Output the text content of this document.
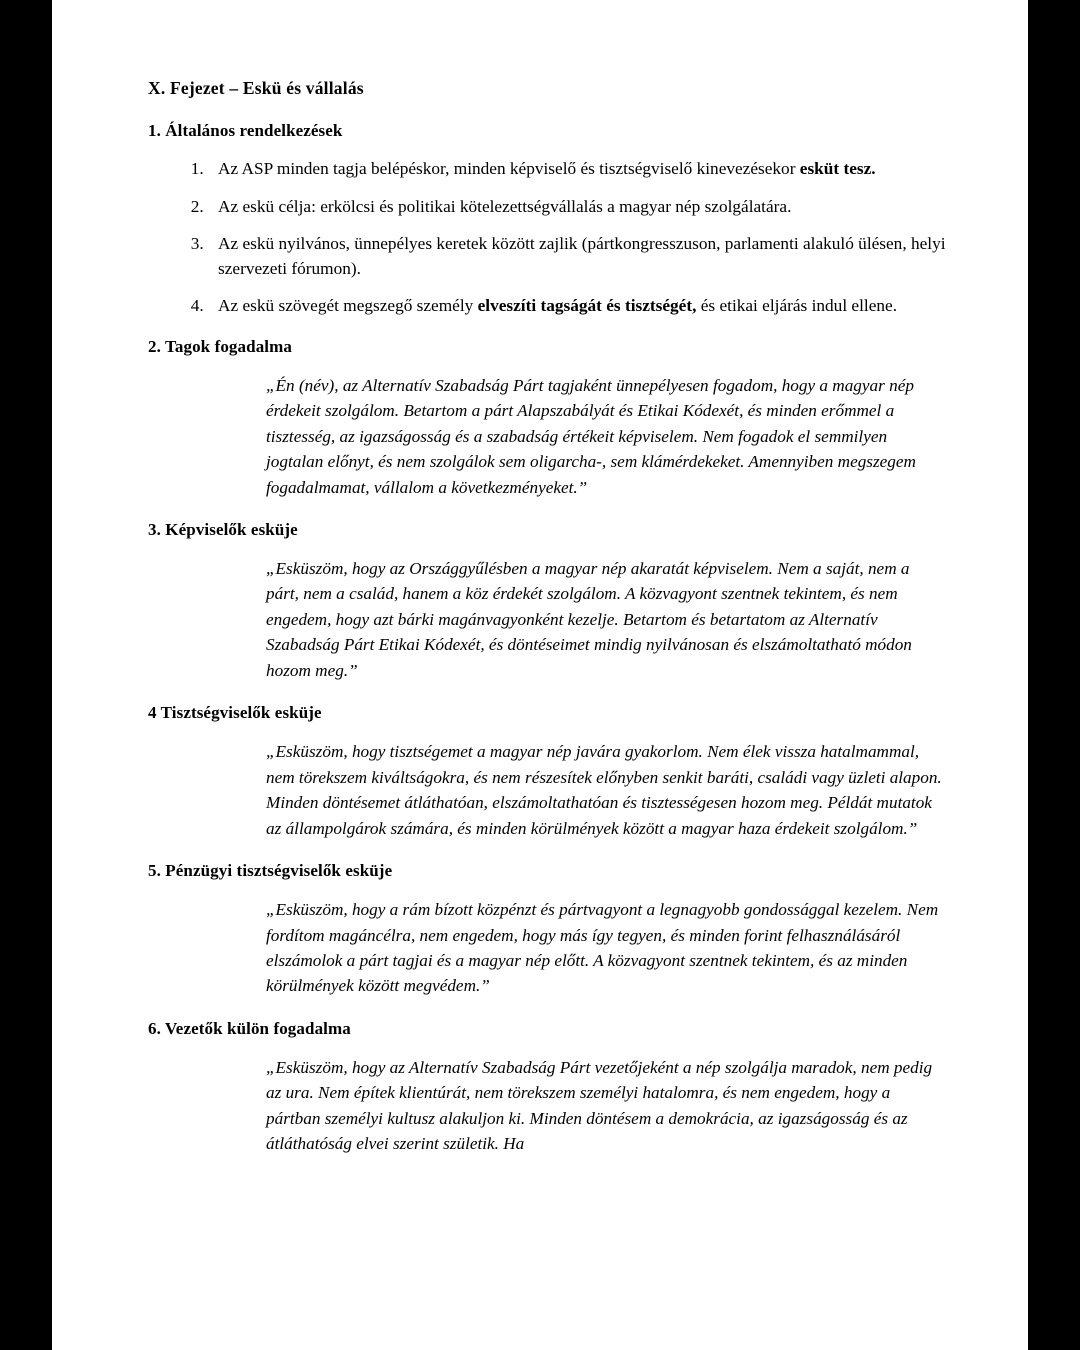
X. Fejezet – Eskü és vállalás
1. Általános rendelkezések
1. Az ASP minden tagja belépéskor, minden képviselő és tisztségviselő kinevezésekor esküt tesz.
2. Az eskü célja: erkölcsi és politikai kötelezettségvállalás a magyar nép szolgálatára.
3. Az eskü nyilvános, ünnepélyes keretek között zajlik (pártkongresszuson, parlamenti alakuló ülésen, helyi szervezeti fórumon).
4. Az eskü szövegét megszegő személy elveszíti tagságát és tisztségét, és etikai eljárás indul ellene.
2. Tagok fogadalma

„Én (név), az Alternatív Szabadság Párt tagjaként ünnepélyesen fogadom, hogy a magyar nép érdekeit szolgálom. Betartom a párt Alapszabályát és Etikai Kódexét, és minden erőmmel a tisztesség, az igazságosság és a szabadság értékeit képviselem. Nem fogadok el semmilyen jogtalan előnyt, és nem szolgálok sem oligarcha-, sem klámérdekeket. Amennyiben megszegem fogadalmamat, vállalom a következményeket.”

3. Képviselők esküje

„Esküszöm, hogy az Országgyűlésben a magyar nép akaratát képviselem. Nem a saját, nem a párt, nem a család, hanem a köz érdekét szolgálom. A közvagyont szentnek tekintem, és nem engedem, hogy azt bárki magánvagyonként kezelje. Betartom és betartatom az Alternatív Szabadság Párt Etikai Kódexét, és döntéseimet mindig nyilvánosan és elszámoltatható módon hozom meg.”

4 Tisztségviselők esküje

„Esküszöm, hogy tisztségemet a magyar nép javára gyakorlom. Nem élek vissza hatalmammal, nem törekszem kiváltságokra, és nem részesítek előnyben senkit baráti, családi vagy üzleti alapon. Minden döntésemet átláthatóan, elszámoltathatóan és tisztességesen hozom meg. Példát mutatok az állampolgárok számára, és minden körülmények között a magyar haza érdekeit szolgálom.”

5. Pénzügyi tisztségviselők esküje

„Esküszöm, hogy a rám bízott közpénzt és pártvagyont a legnagyobb gondossággal kezelem. Nem fordítom magáncélra, nem engedem, hogy más így tegyen, és minden forint felhasználásáról elszámolok a párt tagjai és a magyar nép előtt. A közvagyont szentnek tekintem, és az minden körülmények között megvédem.”

6. Vezetők külön fogadalma

„Esküszöm, hogy az Alternatív Szabadság Párt vezetőjeként a nép szolgálja maradok, nem pedig az ura. Nem építek klientúrát, nem törekszem személyi hatalomra, és nem engedem, hogy a pártban személyi kultusz alakuljon ki. Minden döntésem a demokrácia, az igazságosság és az átláthatóság elvei szerint születik. Ha
